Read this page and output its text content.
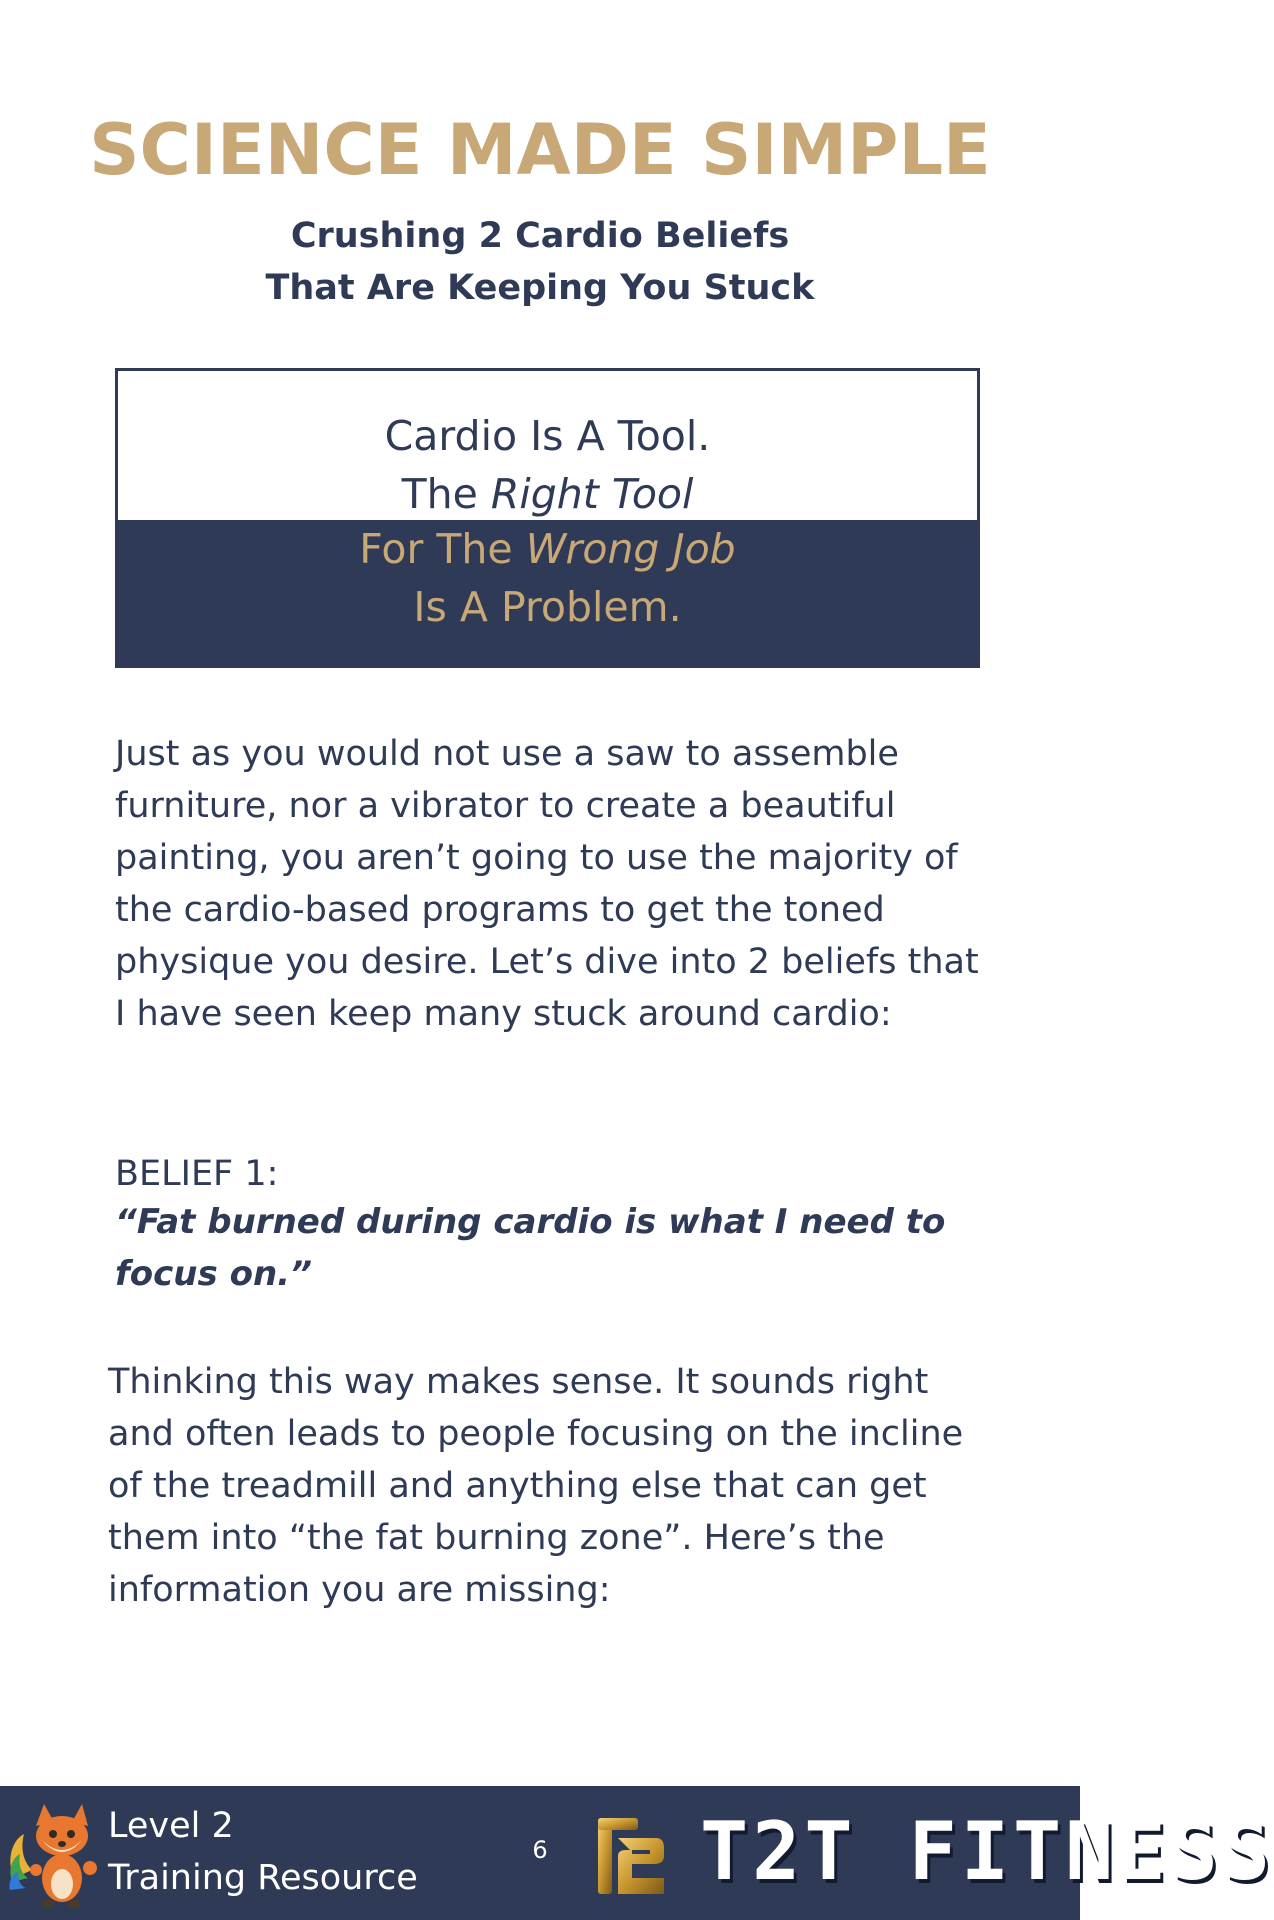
SCIENCE MADE SIMPLE
Crushing 2 Cardio Beliefs
That Are Keeping You Stuck
Cardio Is A Tool.
The Right Tool
For The Wrong Job
Is A Problem.

Just as you would not use a saw to assemble furniture, nor a vibrator to create a beautiful painting, you aren’t going to use the majority of the cardio-based programs to get the toned physique you desire. Let’s dive into 2 beliefs that I have seen keep many stuck around cardio:

BELIEF 1:

“Fat burned during cardio is what I need to focus on.”

Thinking this way makes sense. It sounds right and often leads to people focusing on the incline of the treadmill and anything else that can get them into “the fat burning zone”. Here’s the information you are missing:

Level 2
Training Resource
6 T2T FITNESS
